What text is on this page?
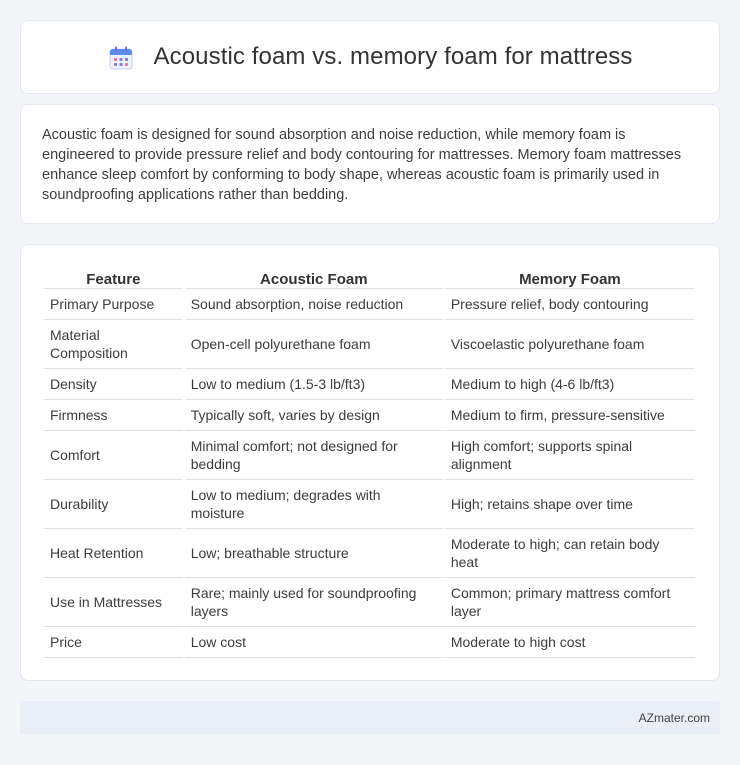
Acoustic foam vs. memory foam for mattress

Acoustic foam is designed for sound absorption and noise reduction, while memory foam is engineered to provide pressure relief and body contouring for mattresses. Memory foam mattresses enhance sleep comfort by conforming to body shape, whereas acoustic foam is primarily used in soundproofing applications rather than bedding.

Feature	Acoustic Foam	Memory Foam
Primary Purpose	Sound absorption, noise reduction	Pressure relief, body contouring
Material Composition	Open-cell polyurethane foam	Viscoelastic polyurethane foam
Density	Low to medium (1.5-3 lb/ft3)	Medium to high (4-6 lb/ft3)
Firmness	Typically soft, varies by design	Medium to firm, pressure-sensitive
Comfort	Minimal comfort; not designed for bedding	High comfort; supports spinal alignment
Durability	Low to medium; degrades with moisture	High; retains shape over time
Heat Retention	Low; breathable structure	Moderate to high; can retain body heat
Use in Mattresses	Rare; mainly used for soundproofing layers	Common; primary mattress comfort layer
Price	Low cost	Moderate to high cost
AZmater.com
